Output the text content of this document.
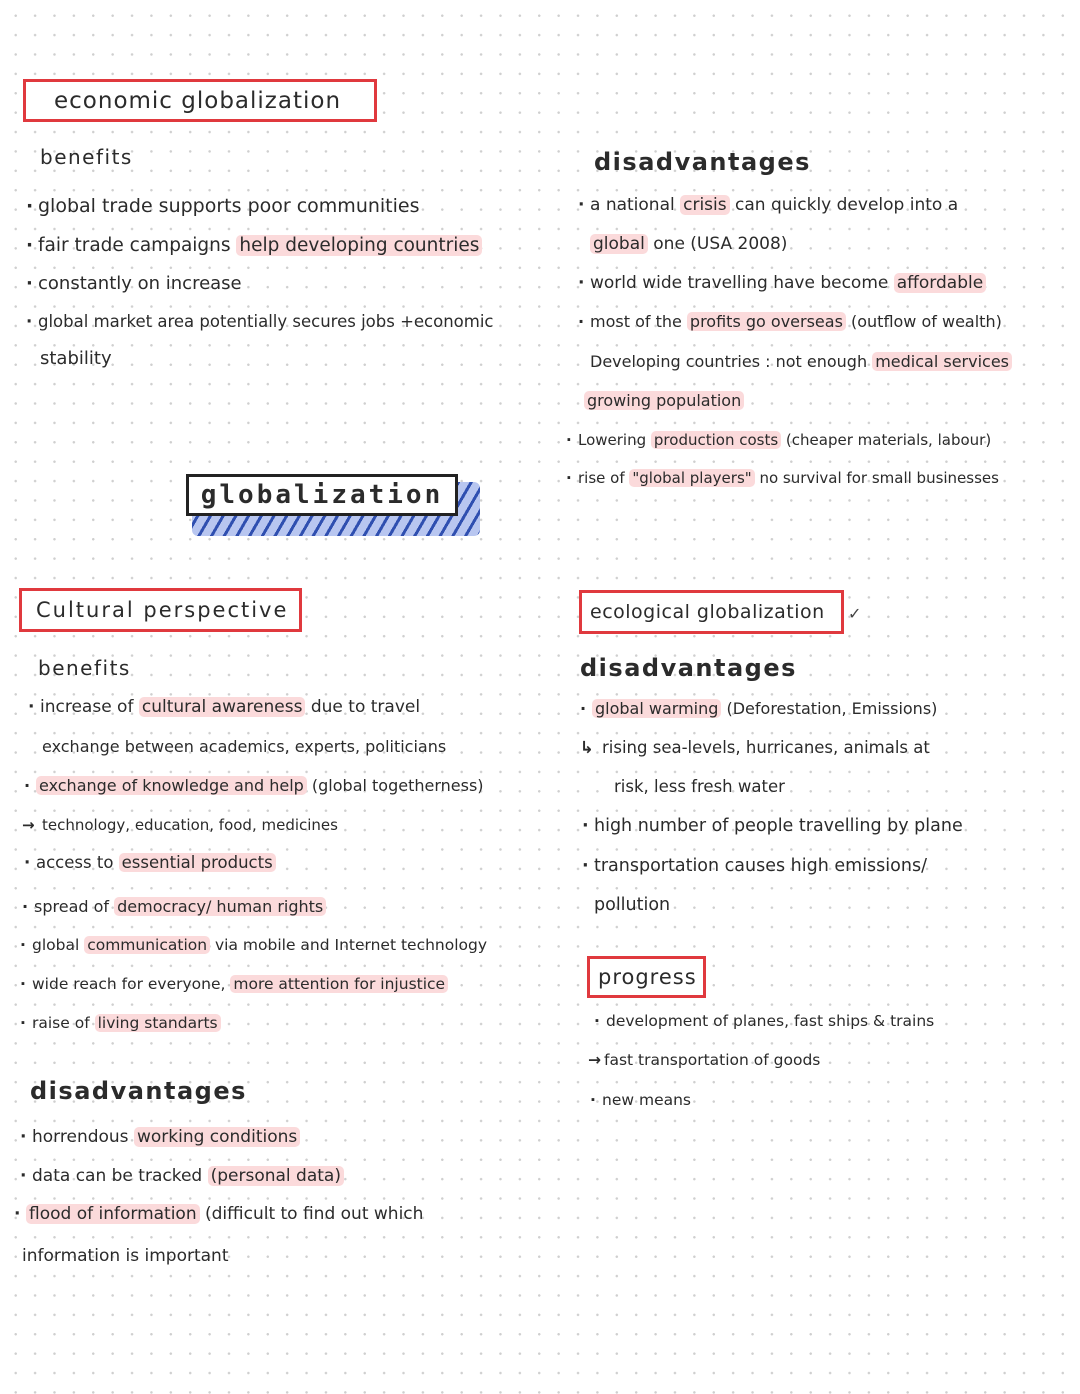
economic globalization
benefits
· global trade supports poor communities
· fair trade campaigns help developing countries
· constantly on increase
· global market area potentially secures jobs +economic
stability
disadvantages
· a national crisis can quickly develop into a
global one (USA 2008)
· world wide travelling have become affordable
· most of the profits go overseas (outflow of wealth)
Developing countries : not enough medical services
growing population
· Lowering production costs (cheaper materials, labour)
· rise of "global players" no survival for small businesses
globalization
Cultural perspective
benefits
· increase of cultural awareness due to travel
exchange between academics, experts, politicians
· exchange of knowledge and help (global togetherness)
→ technology, education, food, medicines
· access to essential products
· spread of democracy/ human rights
· global communication via mobile and Internet technology
· wide reach for everyone, more attention for injustice
· raise of living standarts
disadvantages
· horrendous working conditions
· data can be tracked (personal data)
· flood of information (difficult to find out which
information is important
ecological globalization ✓
disadvantages
· global warming (Deforestation, Emissions)
↳ rising sea-levels, hurricanes, animals at
risk, less fresh water
· high number of people travelling by plane
· transportation causes high emissions/
pollution
progress
· development of planes, fast ships & trains
→ fast transportation of goods
· new means
